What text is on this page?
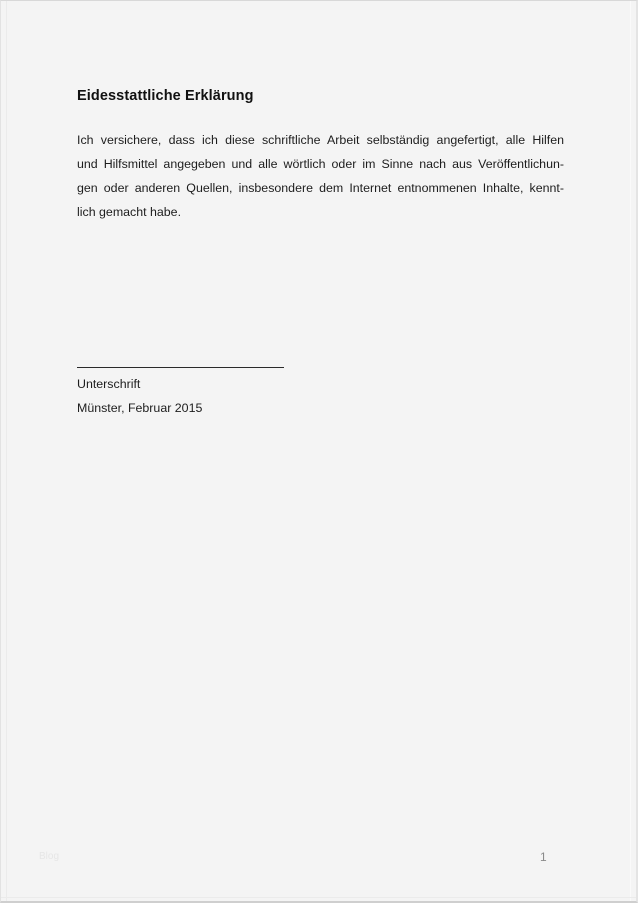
Eidesstattliche Erklärung
Ich versichere, dass ich diese schriftliche Arbeit selbständig angefertigt, alle Hilfen
und Hilfsmittel angegeben und alle wörtlich oder im Sinne nach aus Veröffentlichun-
gen oder anderen Quellen, insbesondere dem Internet entnommenen Inhalte, kennt-
lich gemacht habe.
Unterschrift
Münster, Februar 2015
Blog	1
